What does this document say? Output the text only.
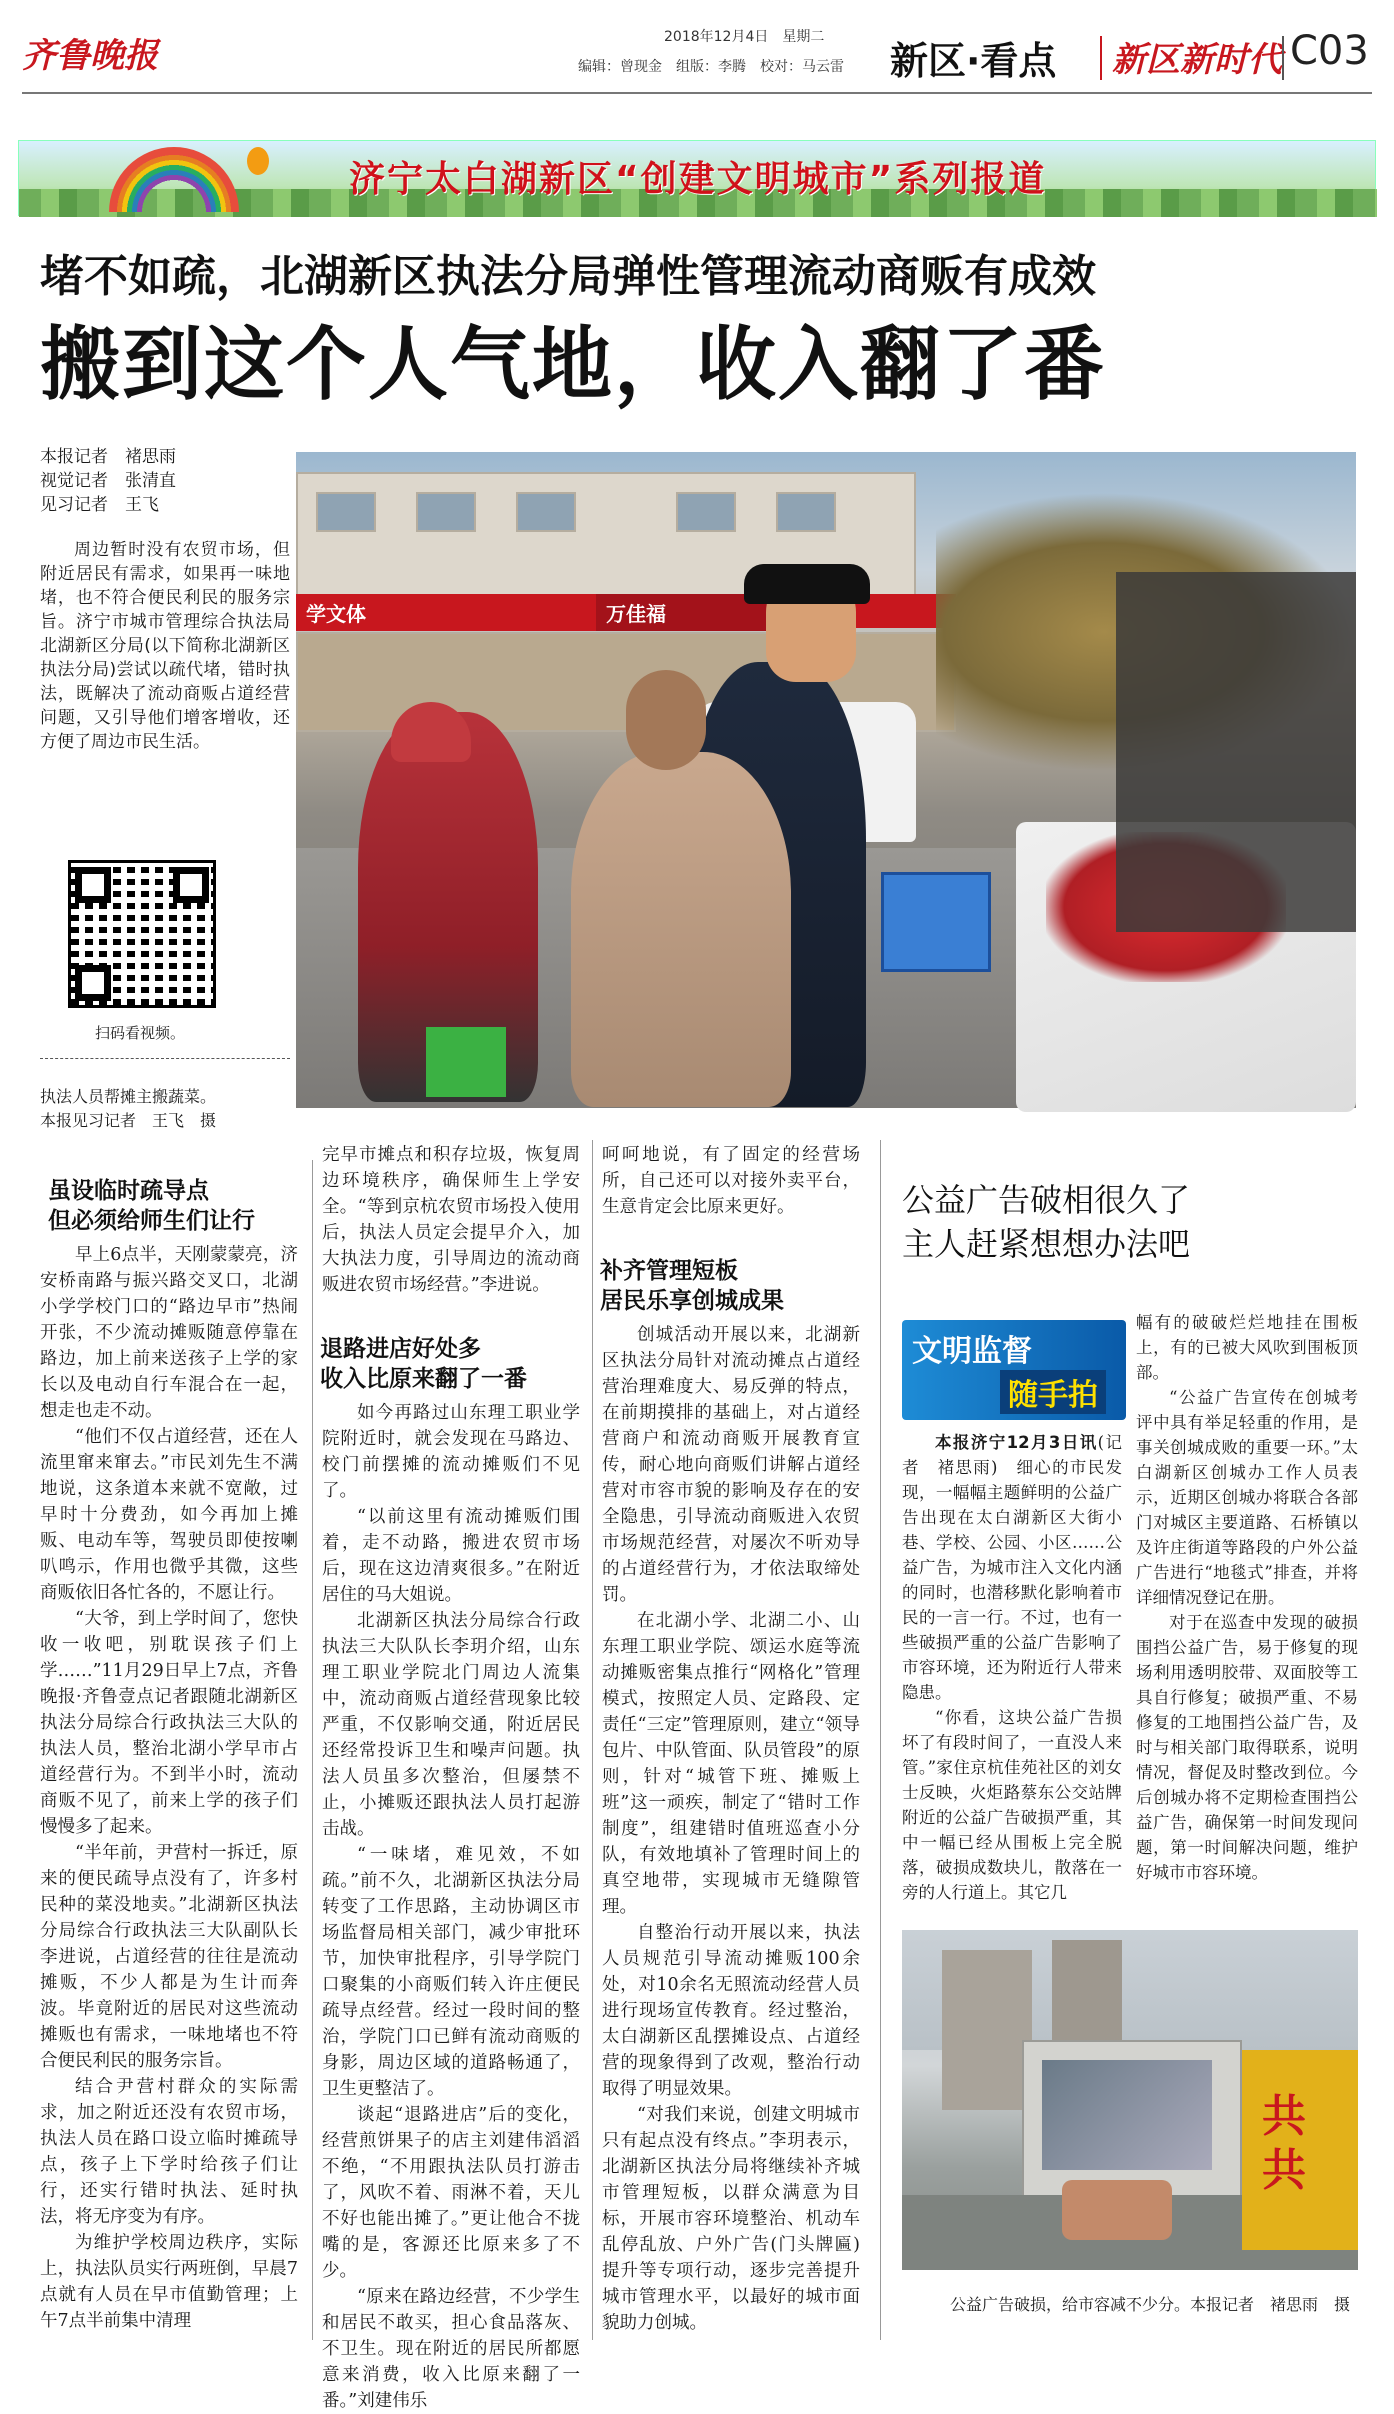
齐鲁晚报	2018年12月4日　 星期二
编辑：曾现金　组版：李腾　校对：马云雷 新区·看点 新区新时代 C03
济宁太白湖新区“创建文明城市”系列报道
堵不如疏，北湖新区执法分局弹性管理流动商贩有成效
搬到这个人气地，收入翻了番
本报记者　褚思雨
视觉记者　张清直
见习记者　王飞
周边暂时没有农贸市场，但附近居民有需求，如果再一味地堵，也不符合便民利民的服务宗旨。济宁市城市管理综合执法局北湖新区分局(以下简称北湖新区执法分局)尝试以疏代堵，错时执法，既解决了流动商贩占道经营问题，又引导他们增客增收，还方便了周边市民生活。
扫码看视频。
执法人员帮摊主搬蔬菜。
本报见习记者　王飞　摄
学文体	万佳福
虽设临时疏导点
但必须给师生们让行

早上6点半，天刚蒙蒙亮，济安桥南路与振兴路交叉口，北湖小学学校门口的“路边早市”热闹开张，不少流动摊贩随意停靠在路边，加上前来送孩子上学的家长以及电动自行车混合在一起，想走也走不动。

“他们不仅占道经营，还在人流里窜来窜去。”市民刘先生不满地说，这条道本来就不宽敞，过早时十分费劲，如今再加上摊贩、电动车等，驾驶员即使按喇叭鸣示，作用也微乎其微，这些商贩依旧各忙各的，不愿让行。

“大爷，到上学时间了，您快收一收吧，别耽误孩子们上学……”11月29日早上7点，齐鲁晚报·齐鲁壹点记者跟随北湖新区执法分局综合行政执法三大队的执法人员，整治北湖小学早市占道经营行为。不到半小时，流动商贩不见了，前来上学的孩子们慢慢多了起来。

“半年前，尹营村一拆迁，原来的便民疏导点没有了，许多村民种的菜没地卖。”北湖新区执法分局综合行政执法三大队副队长李进说，占道经营的往往是流动摊贩，不少人都是为生计而奔波。毕竟附近的居民对这些流动摊贩也有需求，一味地堵也不符合便民利民的服务宗旨。

结合尹营村群众的实际需求，加之附近还没有农贸市场，执法人员在路口设立临时摊疏导点，孩子上下学时给孩子们让行，还实行错时执法、延时执法，将无序变为有序。

为维护学校周边秩序，实际上，执法队员实行两班倒，早晨7点就有人员在早市值勤管理；上午7点半前集中清理

完早市摊点和积存垃圾，恢复周边环境秩序，确保师生上学安全。“等到京杭农贸市场投入使用后，执法人员定会提早介入，加大执法力度，引导周边的流动商贩进农贸市场经营。”李进说。

退路进店好处多
收入比原来翻了一番

如今再路过山东理工职业学院附近时，就会发现在马路边、校门前摆摊的流动摊贩们不见了。

“以前这里有流动摊贩们围着，走不动路，搬进农贸市场后，现在这边清爽很多。”在附近居住的马大姐说。

北湖新区执法分局综合行政执法三大队队长李玥介绍，山东理工职业学院北门周边人流集中，流动商贩占道经营现象比较严重，不仅影响交通，附近居民还经常投诉卫生和噪声问题。执法人员虽多次整治，但屡禁不止，小摊贩还跟执法人员打起游击战。

“一味堵，难见效，不如疏。”前不久，北湖新区执法分局转变了工作思路，主动协调区市场监督局相关部门，减少审批环节，加快审批程序，引导学院门口聚集的小商贩们转入许庄便民疏导点经营。经过一段时间的整治，学院门口已鲜有流动商贩的身影，周边区域的道路畅通了，卫生更整洁了。

谈起“退路进店”后的变化，经营煎饼果子的店主刘建伟滔滔不绝，“不用跟执法队员打游击了，风吹不着、雨淋不着，天儿不好也能出摊了。”更让他合不拢嘴的是，客源还比原来多了不少。

“原来在路边经营，不少学生和居民不敢买，担心食品落灰、不卫生。现在附近的居民所都愿意来消费，收入比原来翻了一番。”刘建伟乐

呵呵地说，有了固定的经营场所，自己还可以对接外卖平台，生意肯定会比原来更好。

补齐管理短板
居民乐享创城成果

创城活动开展以来，北湖新区执法分局针对流动摊点占道经营治理难度大、易反弹的特点，在前期摸排的基础上，对占道经营商户和流动商贩开展教育宣传，耐心地向商贩们讲解占道经营对市容市貌的影响及存在的安全隐患，引导流动商贩进入农贸市场规范经营，对屡次不听劝导的占道经营行为，才依法取缔处罚。

在北湖小学、北湖二小、山东理工职业学院、颂运水庭等流动摊贩密集点推行“网格化”管理模式，按照定人员、定路段、定责任“三定”管理原则，建立“领导包片、中队管面、队员管段”的原则，针对“城管下班、摊贩上班”这一顽疾，制定了“错时工作制度”，组建错时值班巡查小分队，有效地填补了管理时间上的真空地带，实现城市无缝隙管理。

自整治行动开展以来，执法人员规范引导流动摊贩100余处，对10余名无照流动经营人员进行现场宣传教育。经过整治，太白湖新区乱摆摊设点、占道经营的现象得到了改观，整治行动取得了明显效果。

“对我们来说，创建文明城市只有起点没有终点。”李玥表示，北湖新区执法分局将继续补齐城市管理短板，以群众满意为目标，开展市容环境整治、机动车乱停乱放、户外广告(门头牌匾)提升等专项行动，逐步完善提升城市管理水平，以最好的城市面貌助力创城。

公益广告破相很久了
主人赶紧想想办法吧
文明监督
随手拍

本报济宁12月3日讯(记者　褚思雨)　细心的市民发现，一幅幅主题鲜明的公益广告出现在太白湖新区大街小巷、学校、公园、小区……公益广告，为城市注入文化内涵的同时，也潜移默化影响着市民的一言一行。不过，也有一些破损严重的公益广告影响了市容环境，还为附近行人带来隐患。

“你看，这块公益广告损坏了有段时间了，一直没人来管。”家住京杭佳苑社区的刘女士反映，火炬路蔡东公交站牌附近的公益广告破损严重，其中一幅已经从围板上完全脱落，破损成数块儿，散落在一旁的人行道上。其它几

幅有的破破烂烂地挂在围板上，有的已被大风吹到围板顶部。

“公益广告宣传在创城考评中具有举足轻重的作用，是事关创城成败的重要一环。”太白湖新区创城办工作人员表示，近期区创城办将联合各部门对城区主要道路、石桥镇以及许庄街道等路段的户外公益广告进行“地毯式”排查，并将详细情况登记在册。

对于在巡查中发现的破损围挡公益广告，易于修复的现场利用透明胶带、双面胶等工具自行修复；破损严重、不易修复的工地围挡公益广告，及时与相关部门取得联系，说明情况，督促及时整改到位。今后创城办将不定期检查围挡公益广告，确保第一时间发现问题，第一时间解决问题，维护好城市市容环境。

共
共
公益广告破损，给市容减不少分。本报记者　褚思雨　摄
